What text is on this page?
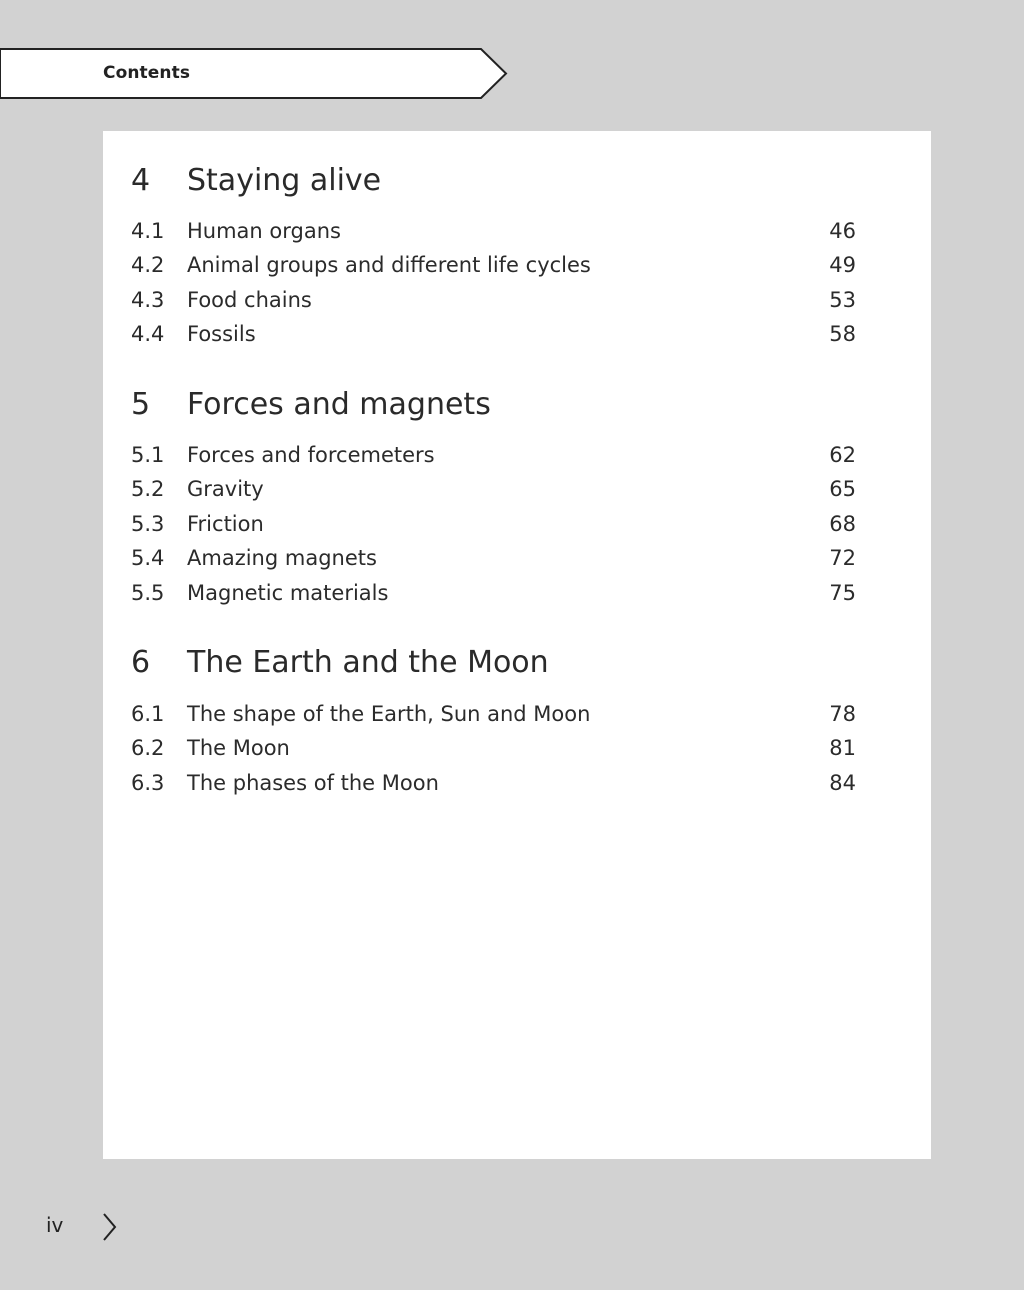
Contents
4 Staying alive
4.1 Human organs	46
4.2 Animal groups and different life cycles	49
4.3 Food chains	53
4.4 Fossils	58
5 Forces and magnets
5.1 Forces and forcemeters	62
5.2 Gravity	65
5.3 Friction	68
5.4 Amazing magnets	72
5.5 Magnetic materials	75
6 The Earth and the Moon
6.1 The shape of the Earth, Sun and Moon	78
6.2 The Moon	81
6.3 The phases of the Moon	84
iv
